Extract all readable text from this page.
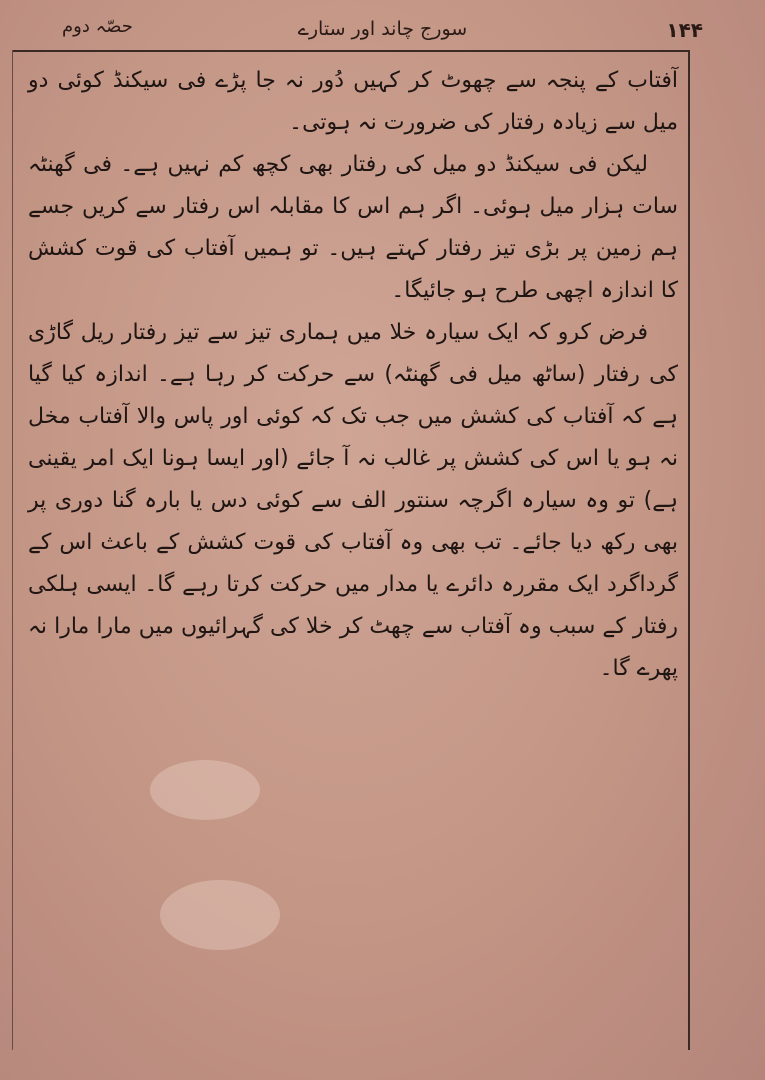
۱۴۴
سورج چاند اور ستارے
حصّہ دوم

آفتاب کے پنجہ سے چھوٹ کر کہیں دُور نہ جا پڑے فی سیکنڈ کوئی دو میل سے زیادہ رفتار کی ضرورت نہ ہوتی۔

لیکن فی سیکنڈ دو میل کی رفتار بھی کچھ کم نہیں ہے۔ فی گھنٹہ سات ہزار میل ہوئی۔ اگر ہم اس کا مقابلہ اس رفتار سے کریں جسے ہم زمین پر بڑی تیز رفتار کہتے ہیں۔ تو ہمیں آفتاب کی قوت کشش کا اندازہ اچھی طرح ہو جائیگا۔

فرض کرو کہ ایک سیارہ خلا میں ہماری تیز سے تیز رفتار ریل گاڑی کی رفتار (ساٹھ میل فی گھنٹہ) سے حرکت کر رہا ہے۔ اندازہ کیا گیا ہے کہ آفتاب کی کشش میں جب تک کہ کوئی اور پاس والا آفتاب مخل نہ ہو یا اس کی کشش پر غالب نہ آ جائے (اور ایسا ہونا ایک امر یقینی ہے) تو وہ سیارہ اگرچہ سنتور الف سے کوئی دس یا بارہ گنا دوری پر بھی رکھ دیا جائے۔ تب بھی وہ آفتاب کی قوت کشش کے باعث اس کے گرداگرد ایک مقررہ دائرے یا مدار میں حرکت کرتا رہے گا۔ ایسی ہلکی رفتار کے سبب وہ آفتاب سے چھٹ کر خلا کی گہرائیوں میں مارا مارا نہ پھرے گا۔
